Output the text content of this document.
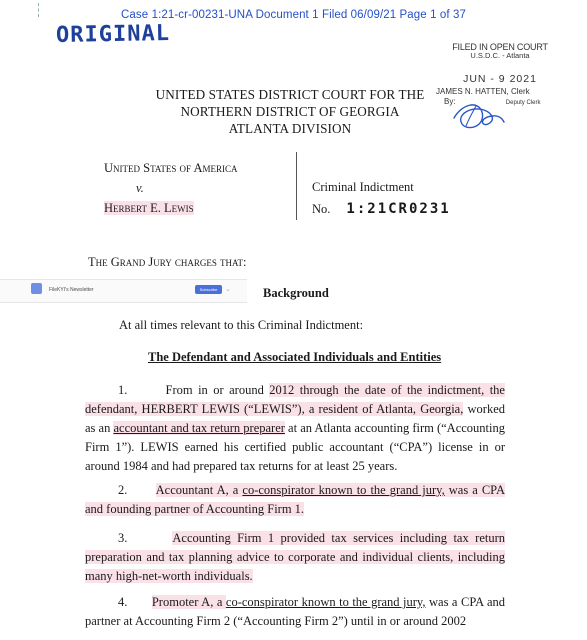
Case 1:21-cr-00231-UNA Document 1 Filed 06/09/21 Page 1 of 37
ORIGINAL	FILED IN OPEN COURT
U.S.D.C. - Atlanta
JUN - 9 2021
JAMES N. HATTEN, Clerk
By:	Deputy Clerk
UNITED STATES DISTRICT COURT FOR THE
NORTHERN DISTRICT OF GEORGIA
ATLANTA DIVISION
United States of America
v.
Herbert E. Lewis
Criminal Indictment
No. 1:21CR0231
The Grand Jury charges that:
FileKYI's Newsletter	Subscribe	⌄	Background
At all times relevant to this Criminal Indictment:
The Defendant and Associated Individuals and Entities
1.	From in or around 2012 through the date of the indictment, the defendant, HERBERT LEWIS (“LEWIS”), a resident of Atlanta, Georgia, worked as an accountant and tax return preparer at an Atlanta accounting firm (“Accounting Firm 1”). LEWIS earned his certified public accountant (“CPA”) license in or around 1984 and had prepared tax returns for at least 25 years.
2. Accountant A, a co-conspirator known to the grand jury, was a CPA and founding partner of Accounting Firm 1.
3.	Accounting Firm 1 provided tax services including tax return preparation and tax planning advice to corporate and individual clients, including many high-net-worth individuals.
4. Promoter A, a co-conspirator known to the grand jury, was a CPA and partner at Accounting Firm 2 (“Accounting Firm 2”) until in or around 2002
